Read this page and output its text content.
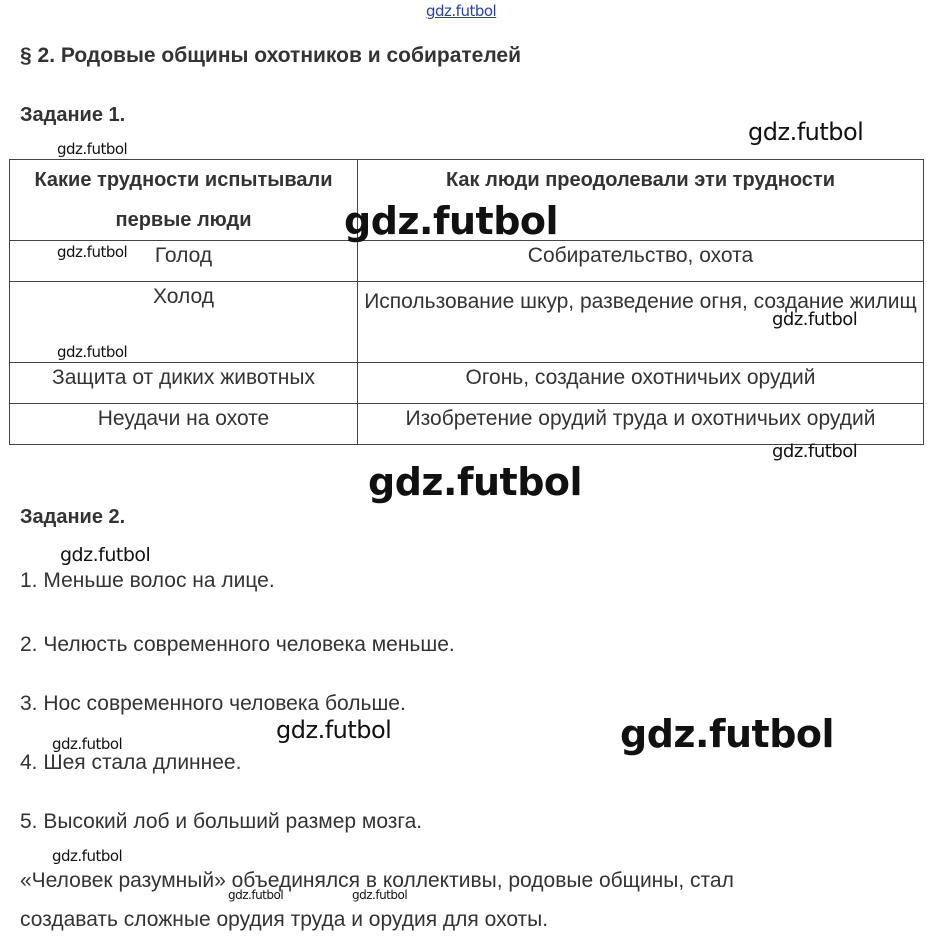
gdz.futbol
§ 2. Родовые общины охотников и собирателей
Задание 1.
Какие трудности испытывали первые люди	Как люди преодолевали эти трудности
Голод	Собирательство, охота
Холод	Использование шкур, разведение огня, создание жилищ
Защита от диких животных	Огонь, создание охотничьих орудий
Неудачи на охоте	Изобретение орудий труда и охотничьих орудий
gdz.futbol
gdz.futbol
gdz.futbol
gdz.futbol
gdz.futbol
gdz.futbol
gdz.futbol
gdz.futbol
Задание 2.
gdz.futbol
1. Меньше волос на лице.
2. Челюсть современного человека меньше.
3. Нос современного человека больше.
gdz.futbol	gdz.futbol
gdz.futbol
4. Шея стала длиннее.
5. Высокий лоб и больший размер мозга.
gdz.futbol
«Человек разумный» объединялся в коллективы, родовые общины, стал
gdz.futbol	gdz.futbol
создавать сложные орудия труда и орудия для охоты.
